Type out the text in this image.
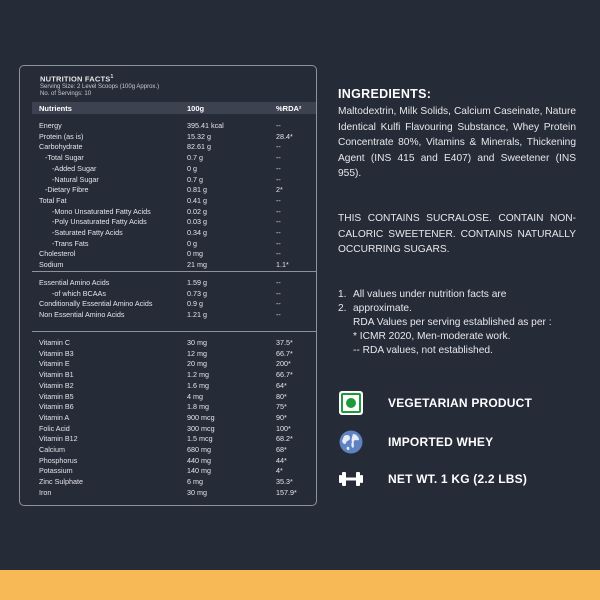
NUTRITION FACTS$^1$
Serving Size: 2 Level Scoops (100g Approx.)
No. of Servings: 10
Nutrients	100g	%RDA²
Energy	395.41 kcal	--
Protein (as is)	15.32 g	28.4*
Carbohydrate	82.61 g	--
-Total Sugar	0.7 g	--
-Added Sugar	0 g	--
-Natural Sugar	0.7 g	--
-Dietary Fibre	0.81 g	2*
Total Fat	0.41 g	--
-Mono Unsaturated Fatty Acids	0.02 g	--
-Poly Unsaturated Fatty Acids	0.03 g	--
-Saturated Fatty Acids	0.34 g	--
-Trans Fats	0 g	--
Cholesterol	0 mg	--
Sodium	21 mg	1.1*
Essential Amino Acids	1.59 g	--
-of which BCAAs	0.73 g	--
Conditionally Essential Amino Acids	0.9 g	--
Non Essential Amino Acids	1.21 g	--
Vitamin C	30 mg	37.5*
Vitamin B3	12 mg	66.7*
Vitamin E	20 mg	200*
Vitamin B1	1.2 mg	66.7*
Vitamin B2	1.6 mg	64*
Vitamin B5	4 mg	80*
Vitamin B6	1.8 mg	75*
Vitamin A	900 mcg	90*
Folic Acid	300 mcg	100*
Vitamin B12	1.5 mcg	68.2*
Calcium	680 mg	68*
Phosphorus	440 mg	44*
Potassium	140 mg	4*
Zinc Sulphate	6 mg	35.3*
Iron	30 mg	157.9*
INGREDIENTS:
Maltodextrin, Milk Solids, Calcium Caseinate, Nature Identical Kulfi Flavouring Substance, Whey Protein Concentrate 80%, Vitamins & Minerals, Thickening Agent (INS 415 and E407) and Sweetener (INS 955).
THIS CONTAINS SUCRALOSE. CONTAIN NON-CALORIC SWEETENER. CONTAINS NATURALLY OCCURRING SUGARS.
1. All values under nutrition facts are
2. approximate.
RDA Values per serving established as per :
* ICMR 2020, Men-moderate work.
-- RDA values, not established.
VEGETARIAN PRODUCT
IMPORTED WHEY
NET WT. 1 KG (2.2 LBS)
